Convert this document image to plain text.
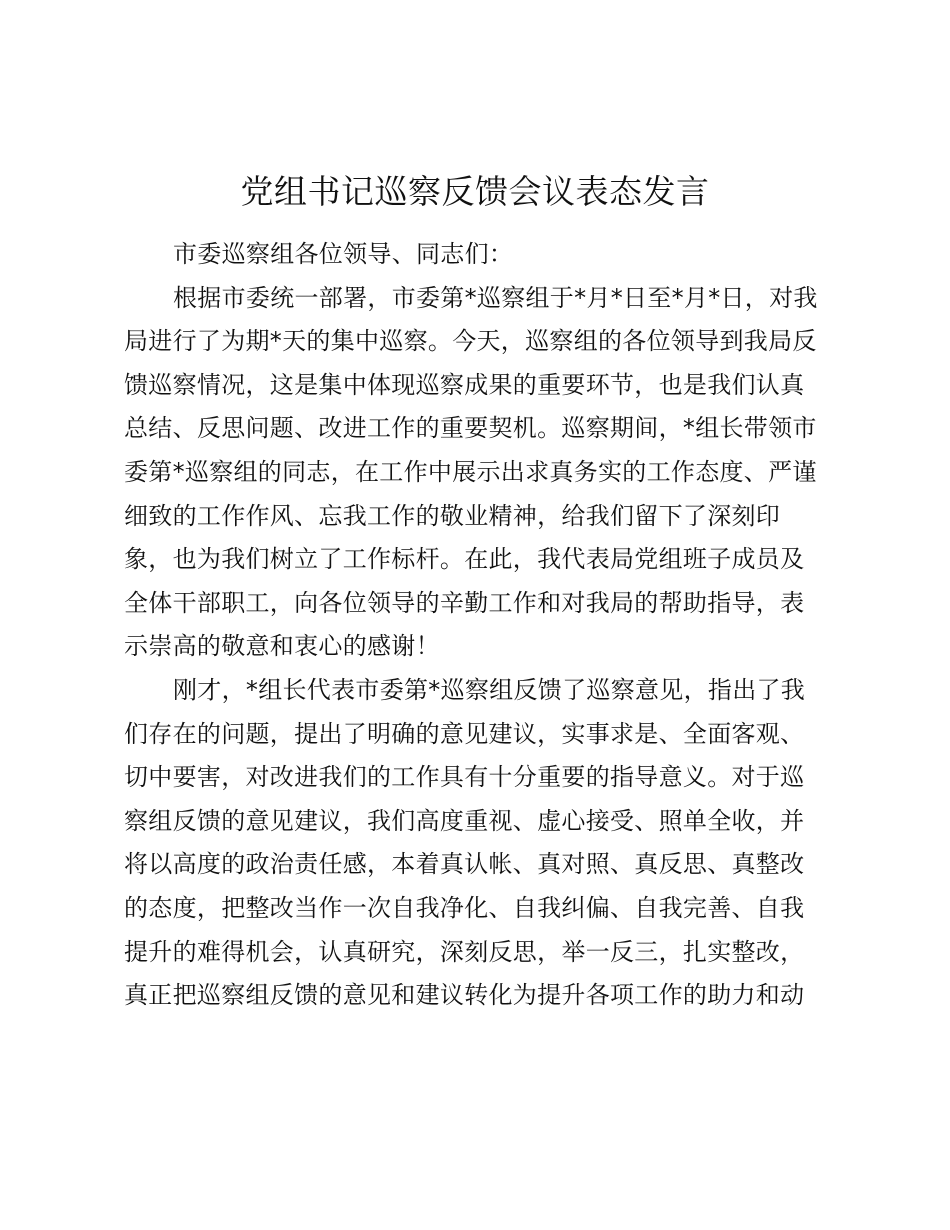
党组书记巡察反馈会议表态发言
市委巡察组各位领导、同志们：
根据市委统一部署，市委第*巡察组于*月*日至*月*日，对我
局进行了为期*天的集中巡察。今天，巡察组的各位领导到我局反
馈巡察情况，这是集中体现巡察成果的重要环节，也是我们认真
总结、反思问题、改进工作的重要契机。巡察期间，*组长带领市
委第*巡察组的同志，在工作中展示出求真务实的工作态度、严谨
细致的工作作风、忘我工作的敬业精神，给我们留下了深刻印
象，也为我们树立了工作标杆。在此，我代表局党组班子成员及
全体干部职工，向各位领导的辛勤工作和对我局的帮助指导，表
示崇高的敬意和衷心的感谢！
刚才，*组长代表市委第*巡察组反馈了巡察意见，指出了我
们存在的问题，提出了明确的意见建议，实事求是、全面客观、
切中要害，对改进我们的工作具有十分重要的指导意义。对于巡
察组反馈的意见建议，我们高度重视、虚心接受、照单全收，并
将以高度的政治责任感，本着真认帐、真对照、真反思、真整改
的态度，把整改当作一次自我净化、自我纠偏、自我完善、自我
提升的难得机会，认真研究，深刻反思，举一反三，扎实整改，
真正把巡察组反馈的意见和建议转化为提升各项工作的助力和动
